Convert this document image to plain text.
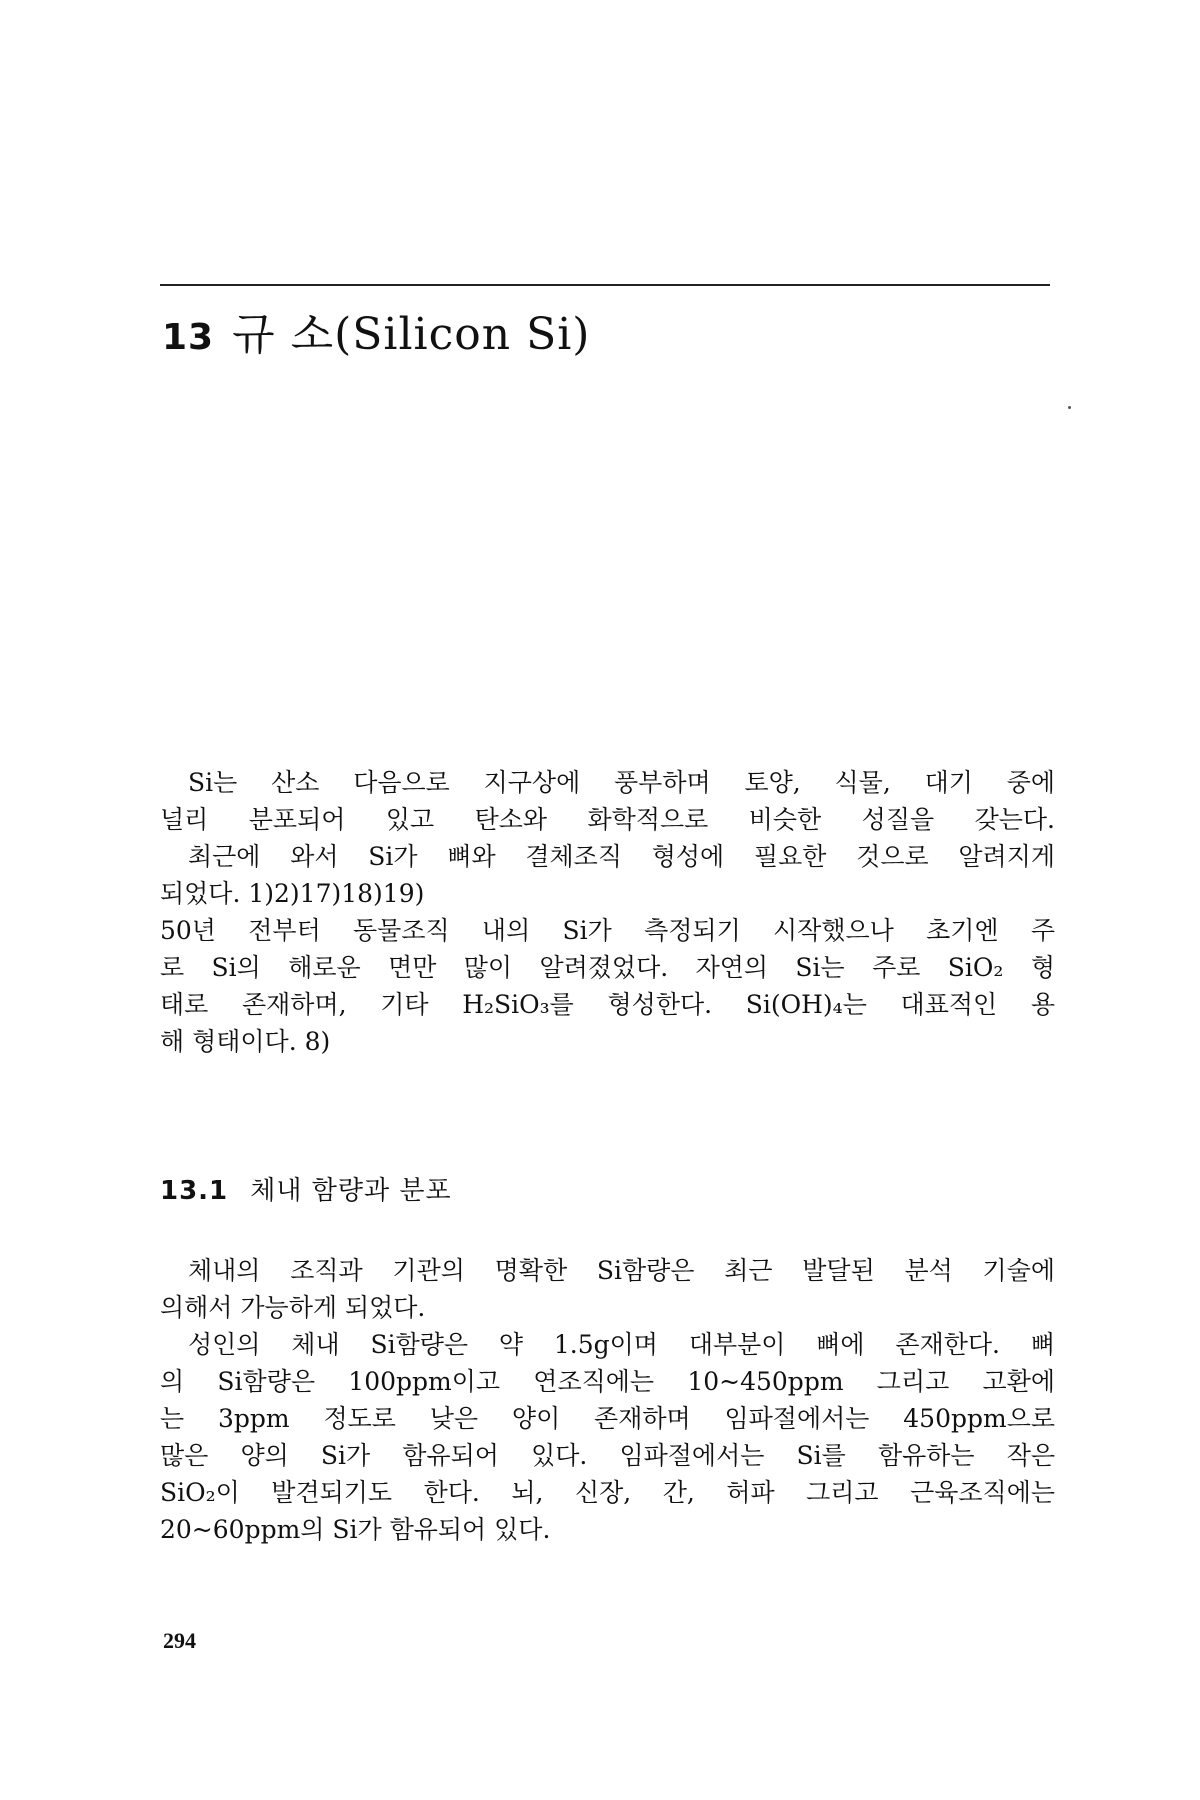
13 규 소(Silicon Si)
Si는 산소 다음으로 지구상에 풍부하며 토양, 식물, 대기 중에
널리 분포되어 있고 탄소와 화학적으로 비슷한 성질을 갖는다.
최근에 와서 Si가 뼈와 결체조직 형성에 필요한 것으로 알려지게
되었다. 1)2)17)18)19)
50년 전부터 동물조직 내의 Si가 측정되기 시작했으나 초기엔 주
로 Si의 해로운 면만 많이 알려졌었다. 자연의 Si는 주로 SiO₂ 형
태로 존재하며, 기타 H₂SiO₃를 형성한다. Si(OH)₄는 대표적인 용
해 형태이다. 8)
13.1 체내 함량과 분포
체내의 조직과 기관의 명확한 Si함량은 최근 발달된 분석 기술에
의해서 가능하게 되었다.
성인의 체내 Si함량은 약 1.5g이며 대부분이 뼈에 존재한다. 뼈
의 Si함량은 100ppm이고 연조직에는 10~450ppm 그리고 고환에
는 3ppm 정도로 낮은 양이 존재하며 임파절에서는 450ppm으로
많은 양의 Si가 함유되어 있다. 임파절에서는 Si를 함유하는 작은
SiO₂이 발견되기도 한다. 뇌, 신장, 간, 허파 그리고 근육조직에는
20~60ppm의 Si가 함유되어 있다.
294
